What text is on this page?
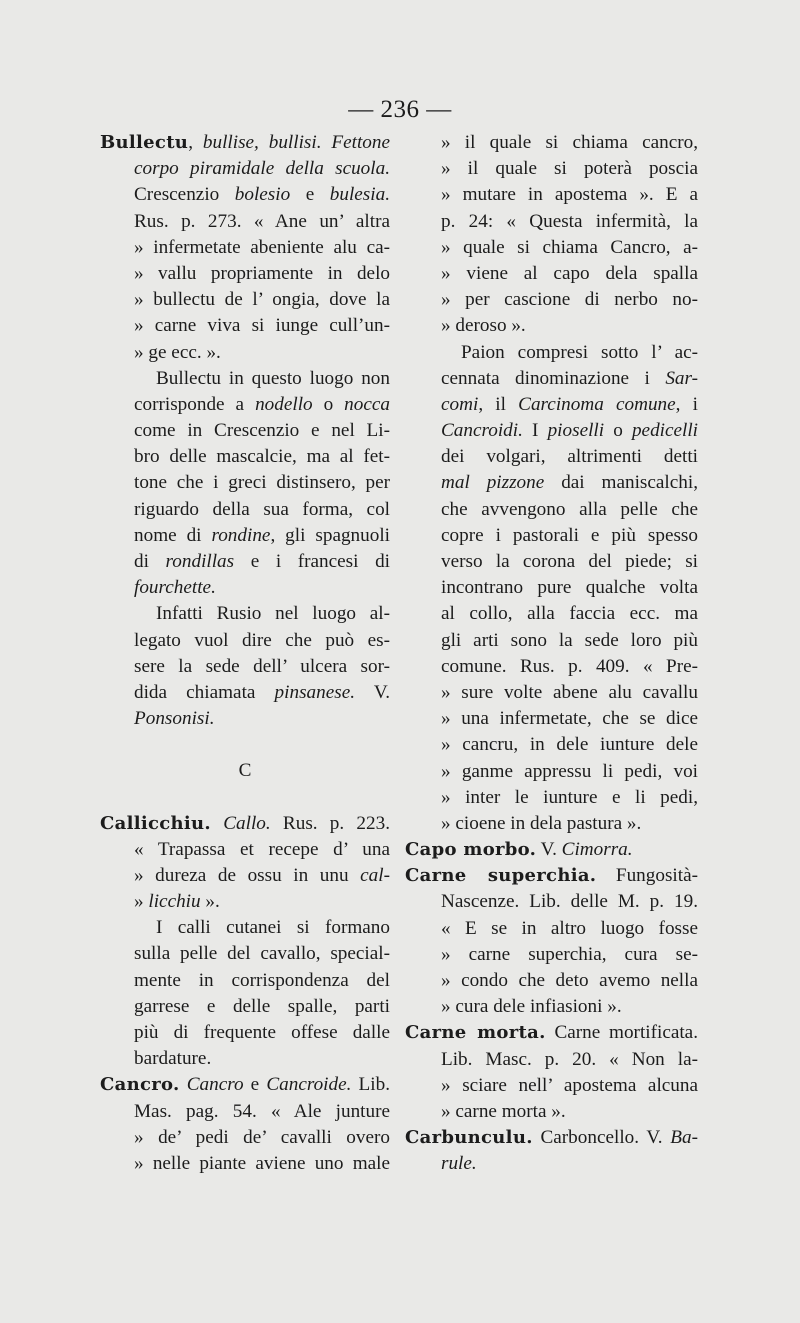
— 236 —
Bullectu, bullise, bullisi. Fettone
corpo piramidale della scuola.
Crescenzio bolesio e bulesia.
Rus. p. 273. « Ane un’ altra
» infermetate abeniente alu ca-
» vallu propriamente in delo
» bullectu de l’ ongia, dove la
» carne viva si iunge cull’un-
» ge ecc. ».
Bullectu in questo luogo non
corrisponde a nodello o nocca
come in Crescenzio e nel Li-
bro delle mascalcie, ma al fet-
tone che i greci distinsero, per
riguardo della sua forma, col
nome di rondine, gli spagnuoli
di rondillas e i francesi di
fourchette.
Infatti Rusio nel luogo al-
legato vuol dire che può es-
sere la sede dell’ ulcera sor-
dida chiamata pinsanese. V.
Ponsonisi.
C
Callicchiu. Callo. Rus. p. 223.
« Trapassa et recepe d’ una
» dureza de ossu in unu cal-
» licchiu ».
I calli cutanei si formano
sulla pelle del cavallo, special-
mente in corrispondenza del
garrese e delle spalle, parti
più di frequente offese dalle
bardature.
Cancro. Cancro e Cancroide. Lib.
Mas. pag. 54. « Ale junture
» de’ pedi de’ cavalli overo
» nelle piante aviene uno male
» il quale si chiama cancro,
» il quale si poterà poscia
» mutare in apostema ». E a
p. 24: « Questa infermità, la
» quale si chiama Cancro, a-
» viene al capo dela spalla
» per cascione di nerbo no-
» deroso ».
Paion compresi sotto l’ ac-
cennata dinominazione i Sar-
comi, il Carcinoma comune, i
Cancroidi. I pioselli o pedicelli
dei volgari, altrimenti detti
mal pizzone dai maniscalchi,
che avvengono alla pelle che
copre i pastorali e più spesso
verso la corona del piede; si
incontrano pure qualche volta
al collo, alla faccia ecc. ma
gli arti sono la sede loro più
comune. Rus. p. 409. « Pre-
» sure volte abene alu cavallu
» una infermetate, che se dice
» cancru, in dele iunture dele
» ganme appressu li pedi, voi
» inter le iunture e li pedi,
» cioene in dela pastura ».
Capo morbo. V. Cimorra.
Carne superchia. Fungosità-
Nascenze. Lib. delle M. p. 19.
« E se in altro luogo fosse
» carne superchia, cura se-
» condo che deto avemo nella
» cura dele infiasioni ».
Carne morta. Carne mortificata.
Lib. Masc. p. 20. « Non la-
» sciare nell’ apostema alcuna
» carne morta ».
Carbunculu. Carboncello. V. Ba-
rule.
